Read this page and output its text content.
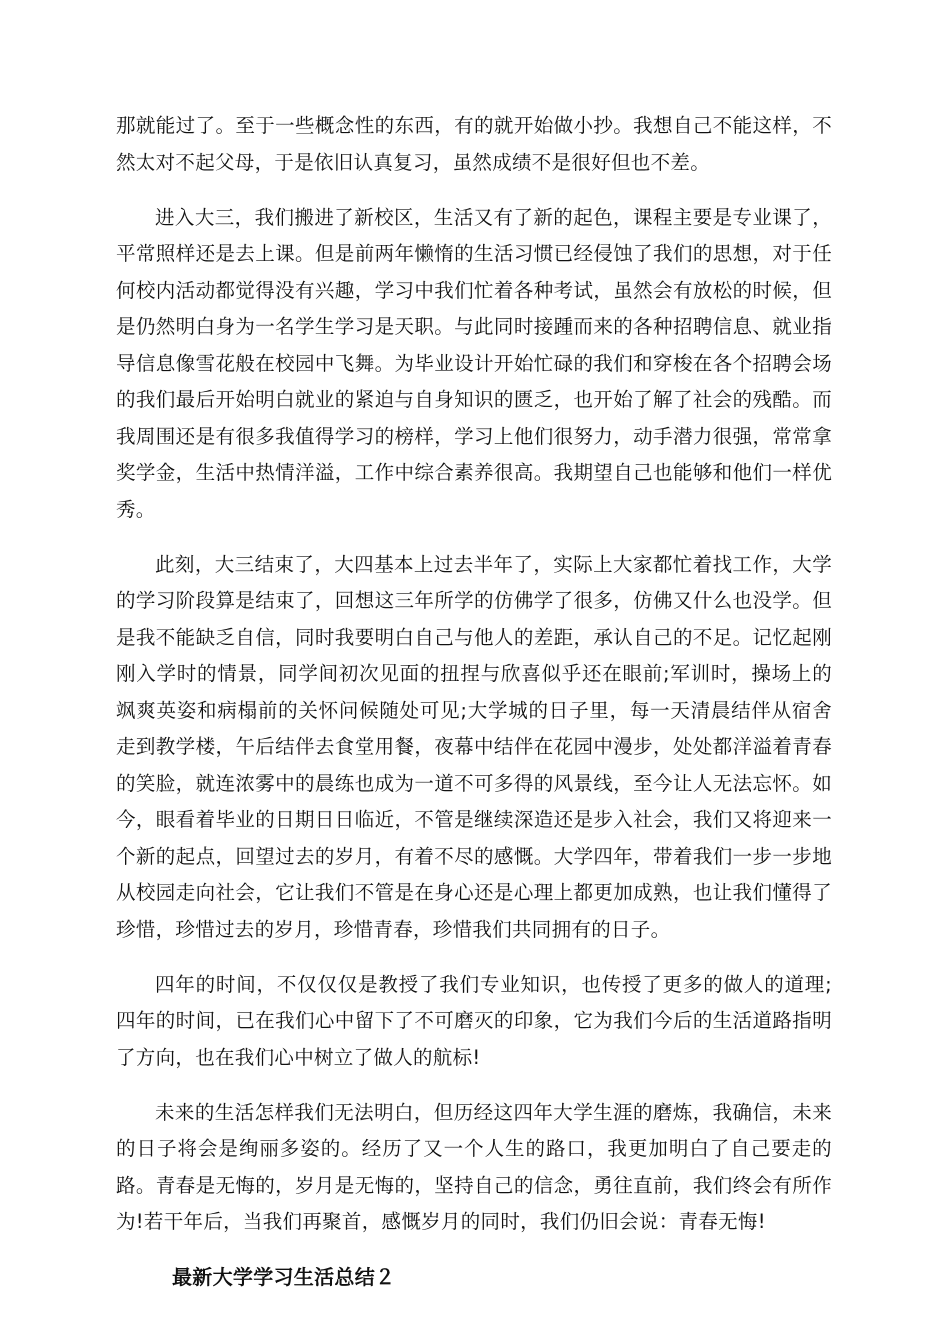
那就能过了。至于一些概念性的东西，有的就开始做小抄。我想自己不能这样，不然太对不起父母，于是依旧认真复习，虽然成绩不是很好但也不差。

进入大三，我们搬进了新校区，生活又有了新的起色，课程主要是专业课了，平常照样还是去上课。但是前两年懒惰的生活习惯已经侵蚀了我们的思想，对于任何校内活动都觉得没有兴趣，学习中我们忙着各种考试，虽然会有放松的时候，但是仍然明白身为一名学生学习是天职。与此同时接踵而来的各种招聘信息、就业指导信息像雪花般在校园中飞舞。为毕业设计开始忙碌的我们和穿梭在各个招聘会场的我们最后开始明白就业的紧迫与自身知识的匮乏，也开始了解了社会的残酷。而我周围还是有很多我值得学习的榜样，学习上他们很努力，动手潜力很强，常常拿奖学金，生活中热情洋溢，工作中综合素养很高。我期望自己也能够和他们一样优秀。

此刻，大三结束了，大四基本上过去半年了，实际上大家都忙着找工作，大学的学习阶段算是结束了，回想这三年所学的仿佛学了很多，仿佛又什么也没学。但是我不能缺乏自信，同时我要明白自己与他人的差距，承认自己的不足。记忆起刚刚入学时的情景，同学间初次见面的扭捏与欣喜似乎还在眼前;军训时，操场上的飒爽英姿和病榻前的关怀问候随处可见;大学城的日子里，每一天清晨结伴从宿舍走到教学楼，午后结伴去食堂用餐，夜幕中结伴在花园中漫步，处处都洋溢着青春的笑脸，就连浓雾中的晨练也成为一道不可多得的风景线，至今让人无法忘怀。如今，眼看着毕业的日期日日临近，不管是继续深造还是步入社会，我们又将迎来一个新的起点，回望过去的岁月，有着不尽的感慨。大学四年，带着我们一步一步地从校园走向社会，它让我们不管是在身心还是心理上都更加成熟，也让我们懂得了珍惜，珍惜过去的岁月，珍惜青春，珍惜我们共同拥有的日子。

四年的时间，不仅仅仅是教授了我们专业知识，也传授了更多的做人的道理;四年的时间，已在我们心中留下了不可磨灭的印象，它为我们今后的生活道路指明了方向，也在我们心中树立了做人的航标!

未来的生活怎样我们无法明白，但历经这四年大学生涯的磨炼，我确信，未来的日子将会是绚丽多姿的。经历了又一个人生的路口，我更加明白了自己要走的路。青春是无悔的，岁月是无悔的，坚持自己的信念，勇往直前，我们终会有所作为!若干年后，当我们再聚首，感慨岁月的同时，我们仍旧会说：青春无悔!

最新大学学习生活总结２
